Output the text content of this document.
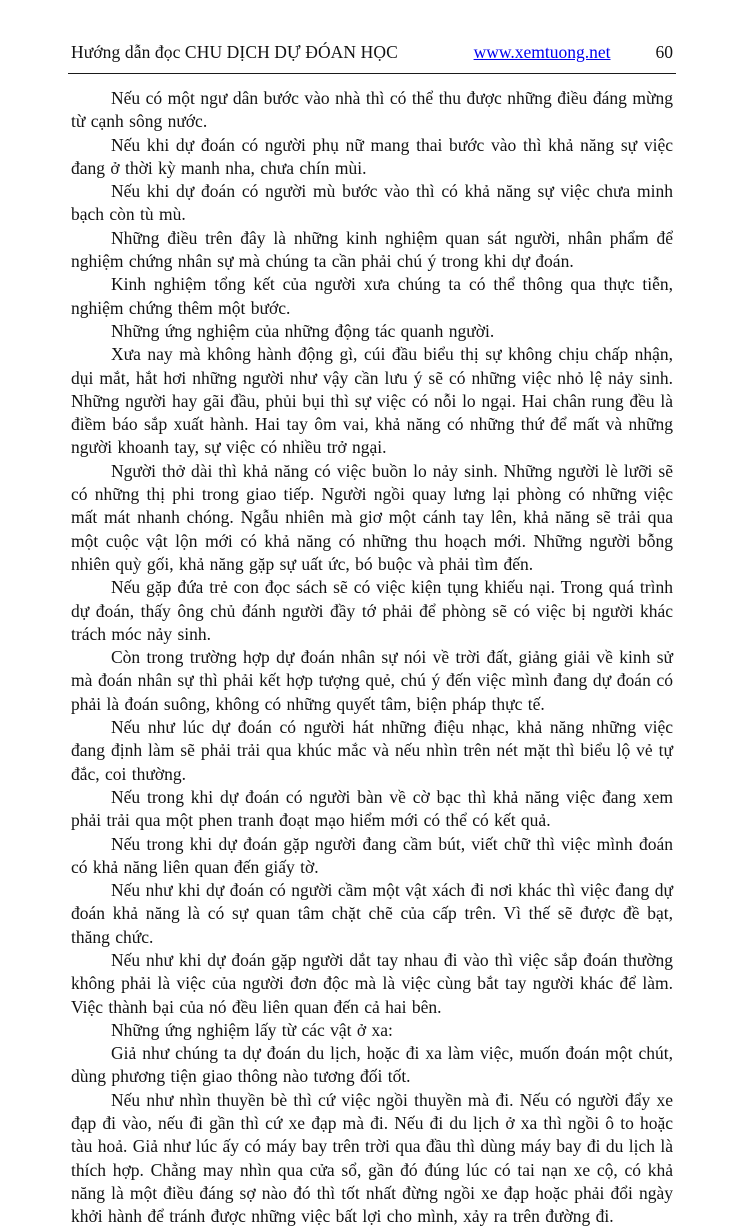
Hướng dẫn đọc CHU DỊCH DỰ ĐÓAN HỌC	www.xemtuong.net	60

Nếu có một ngư dân bước vào nhà thì có thể thu được những điều đáng mừng từ cạnh sông nước.

Nếu khi dự đoán có người phụ nữ mang thai bước vào thì khả năng sự việc đang ở thời kỳ manh nha, chưa chín mùi.

Nếu khi dự đoán có người mù bước vào thì có khả năng sự việc chưa minh bạch còn tù mù.

Những điều trên đây là những kinh nghiệm quan sát người, nhân phẩm để nghiệm chứng nhân sự mà chúng ta cần phải chú ý trong khi dự đoán.

Kinh nghiệm tổng kết của người xưa chúng ta có thể thông qua thực tiễn, nghiệm chứng thêm một bước.

Những ứng nghiệm của những động tác quanh người.

Xưa nay mà không hành động gì, cúi đầu biểu thị sự không chịu chấp nhận, dụi mắt, hắt hơi những người như vậy cần lưu ý sẽ có những việc nhỏ lệ nảy sinh. Những người hay gãi đầu, phủi bụi thì sự việc có nỗi lo ngại. Hai chân rung đều là điềm báo sắp xuất hành. Hai tay ôm vai, khả năng có những thứ để mất và những người khoanh tay, sự việc có nhiều trở ngại.

Người thở dài thì khả năng có việc buồn lo nảy sinh. Những người lè lưỡi sẽ có những thị phi trong giao tiếp. Người ngồi quay lưng lại phòng có những việc mất mát nhanh chóng. Ngẫu nhiên mà giơ một cánh tay lên, khả năng sẽ trải qua một cuộc vật lộn mới có khả năng có những thu hoạch mới. Những người bỗng nhiên quỳ gối, khả năng gặp sự uất ức, bó buộc và phải tìm đến.

Nếu gặp đứa trẻ con đọc sách sẽ có việc kiện tụng khiếu nại. Trong quá trình dự đoán, thấy ông chủ đánh người đầy tớ phải để phòng sẽ có việc bị người khác trách móc nảy sinh.

Còn trong trường hợp dự đoán nhân sự nói về trời đất, giảng giải về kinh sử mà đoán nhân sự thì phải kết hợp tượng quẻ, chú ý đến việc mình đang dự đoán có phải là đoán suông, không có những quyết tâm, biện pháp thực tế.

Nếu như lúc dự đoán có người hát những điệu nhạc, khả năng những việc đang định làm sẽ phải trải qua khúc mắc và nếu nhìn trên nét mặt thì biểu lộ vẻ tự đắc, coi thường.

Nếu trong khi dự đoán có người bàn về cờ bạc thì khả năng việc đang xem phải trải qua một phen tranh đoạt mạo hiểm mới có thể có kết quả.

Nếu trong khi dự đoán gặp người đang cầm bút, viết chữ thì việc mình đoán có khả năng liên quan đến giấy tờ.

Nếu như khi dự đoán có người cầm một vật xách đi nơi khác thì việc đang dự đoán khả năng là có sự quan tâm chặt chẽ của cấp trên. Vì thế sẽ được đề bạt, thăng chức.

Nếu như khi dự đoán gặp người dắt tay nhau đi vào thì việc sắp đoán thường không phải là việc của người đơn độc mà là việc cùng bắt tay người khác để làm. Việc thành bại của nó đều liên quan đến cả hai bên.

Những ứng nghiệm lấy từ các vật ở xa:

Giả như chúng ta dự đoán du lịch, hoặc đi xa làm việc, muốn đoán một chút, dùng phương tiện giao thông nào tương đối tốt.

Nếu như nhìn thuyền bè thì cứ việc ngồi thuyền mà đi. Nếu có người đẩy xe đạp đi vào, nếu đi gần thì cứ xe đạp mà đi. Nếu đi du lịch ở xa thì ngồi ô to hoặc tàu hoả. Giả như lúc ấy có máy bay trên trời qua đầu thì dùng máy bay đi du lịch là thích hợp. Chẳng may nhìn qua cửa sổ, gần đó đúng lúc có tai nạn xe cộ, có khả năng là một điều đáng sợ nào đó thì tốt nhất đừng ngồi xe đạp hoặc phải đổi ngày khởi hành để tránh được những việc bất lợi cho mình, xảy ra trên đường đi.
